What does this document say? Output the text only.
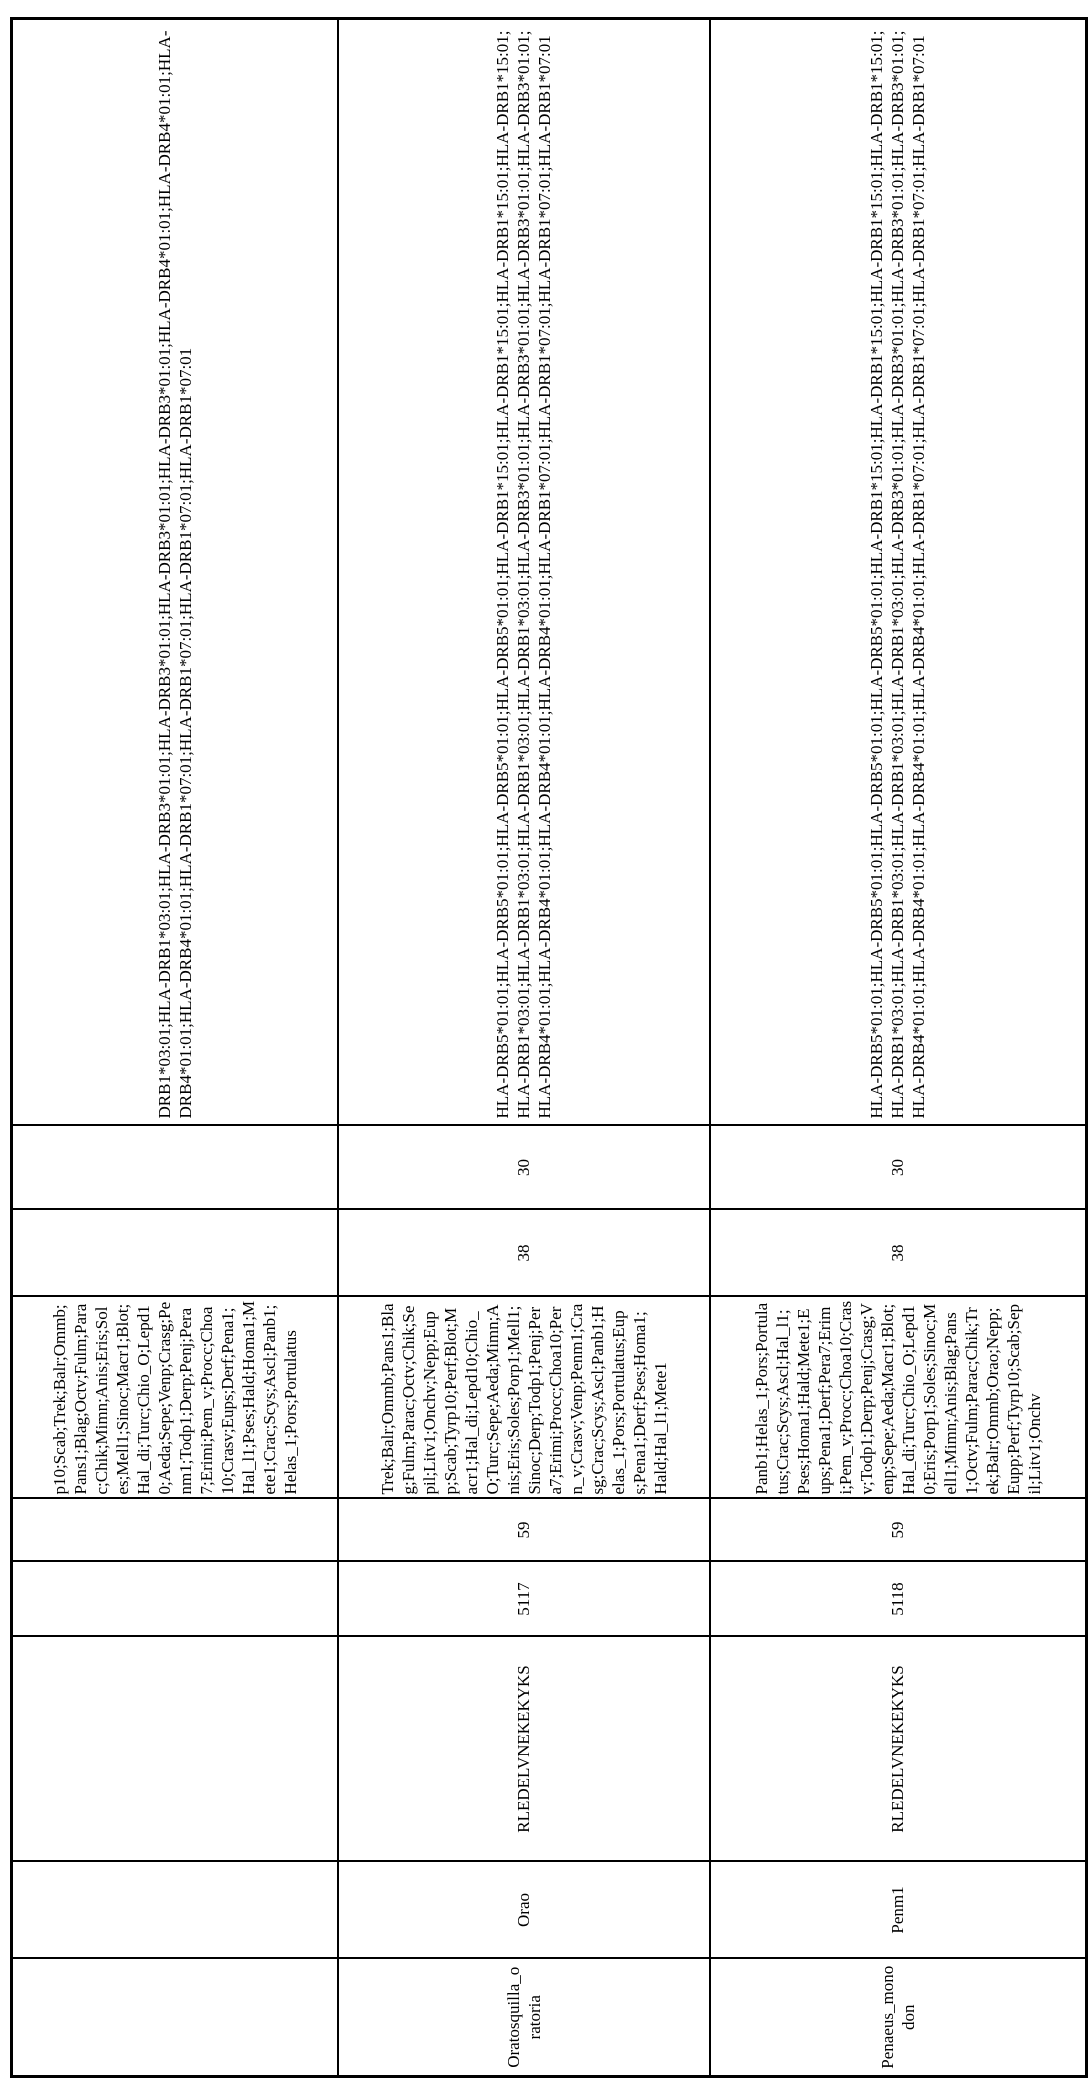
					p10;Scab;Trek;Balr;Ommb;Pans1;Blag;Octv;Fulm;Parac;Chik;Mimn;Anis;Eris;Soles;Mell1;Sinoc;Macr1;Blot;Hal_di;Turc;Chio_O;Lepd10;Aeda;Sepe;Venp;Crasg;Penm1;Todp1;Derp;Penj;Pera7;Erimi;Pem_v;Procc;Choa10;Crasv;Eups;Derf;Pena1;Hal_l1;Pses;Hald;Homa1;Mete1;Crac;Scys;Ascl;Panb1;Helas_1;Pors;Portulatus			DRB1*03:01;HLA-DRB1*03:01;HLA-DRB3*01:01;HLA-DRB3*01:01;HLA-DRB3*01:01;HLA-DRB3*01:01;HLA-DRB4*01:01;HLA-DRB4*01:01;HLA-DRB4*01:01;HLA-DRB4*01:01;HLA-DRB1*07:01;HLA-DRB1*07:01;HLA-DRB1*07:01;HLA-DRB1*07:01
Oratosquilla_oratoria	Orao	RLEDELVNEKEKYKS	5117	59	Trek;Balr;Ommb;Pans1;Blag;Fulm;Parac;Octv;Chik;Sepil;Litv1;Onchv;Nepp;Eupp;Scab;Tyrp10;Perf;Blot;Macr1;Hal_di;Lepd10;Chio_O;Turc;Sepe;Aeda;Mimn;Anis;Eris;Soles;Porp1;Mell1;Sinoc;Derp;Todp1;Penj;Pera7;Erimi;Procc;Choa10;Pern_v;Crasv;Venp;Penm1;Crasg;Crac;Scys;Ascl;Panb1;Helas_1;Pors;Portulatus;Eups;Pena1;Derf;Pses;Homa1;Hald;Hal_l1;Mete1	38	30	HLA-DRB5*01:01;HLA-DRB5*01:01;HLA-DRB5*01:01;HLA-DRB5*01:01;HLA-DRB1*15:01;HLA-DRB1*15:01;HLA-DRB1*15:01;HLA-DRB1*15:01;HLA-DRB1*03:01;HLA-DRB1*03:01;HLA-DRB1*03:01;HLA-DRB1*03:01;HLA-DRB3*01:01;HLA-DRB3*01:01;HLA-DRB3*01:01;HLA-DRB3*01:01;HLA-DRB4*01:01;HLA-DRB4*01:01;HLA-DRB4*01:01;HLA-DRB4*01:01;HLA-DRB1*07:01;HLA-DRB1*07:01;HLA-DRB1*07:01;HLA-DRB1*07:01
Penaeus_monodon	Penm1	RLEDELVNEKEKYKS	5118	59	Panb1;Helas_1;Pors;Portulatus;Crac;Scys;Ascl;Hal_l1;Pses;Homa1;Hald;Mete1;Eups;Pena1;Derf;Pera7;Erimi;Pem_v;Procc;Choa10;Crasv;Todp1;Derp;Penj;Crasg;Venp;Sepe;Aeda;Macr1;Blot;Hal_di;Turc;Chio_O;Lepd10;Eris;Porp1;Soles;Sinoc;Mell1;Mimn;Anis;Blag;Pans1;Octv;Fulm;Parac;Chik;Trek;Balr;Ommb;Orao;Nepp;Eupp;Perf;Tyrp10;Scab;Sepil;Litv1;Onchv	38	30	HLA-DRB5*01:01;HLA-DRB5*01:01;HLA-DRB5*01:01;HLA-DRB5*01:01;HLA-DRB1*15:01;HLA-DRB1*15:01;HLA-DRB1*15:01;HLA-DRB1*15:01;HLA-DRB1*03:01;HLA-DRB1*03:01;HLA-DRB1*03:01;HLA-DRB1*03:01;HLA-DRB3*01:01;HLA-DRB3*01:01;HLA-DRB3*01:01;HLA-DRB3*01:01;HLA-DRB4*01:01;HLA-DRB4*01:01;HLA-DRB4*01:01;HLA-DRB4*01:01;HLA-DRB1*07:01;HLA-DRB1*07:01;HLA-DRB1*07:01;HLA-DRB1*07:01
